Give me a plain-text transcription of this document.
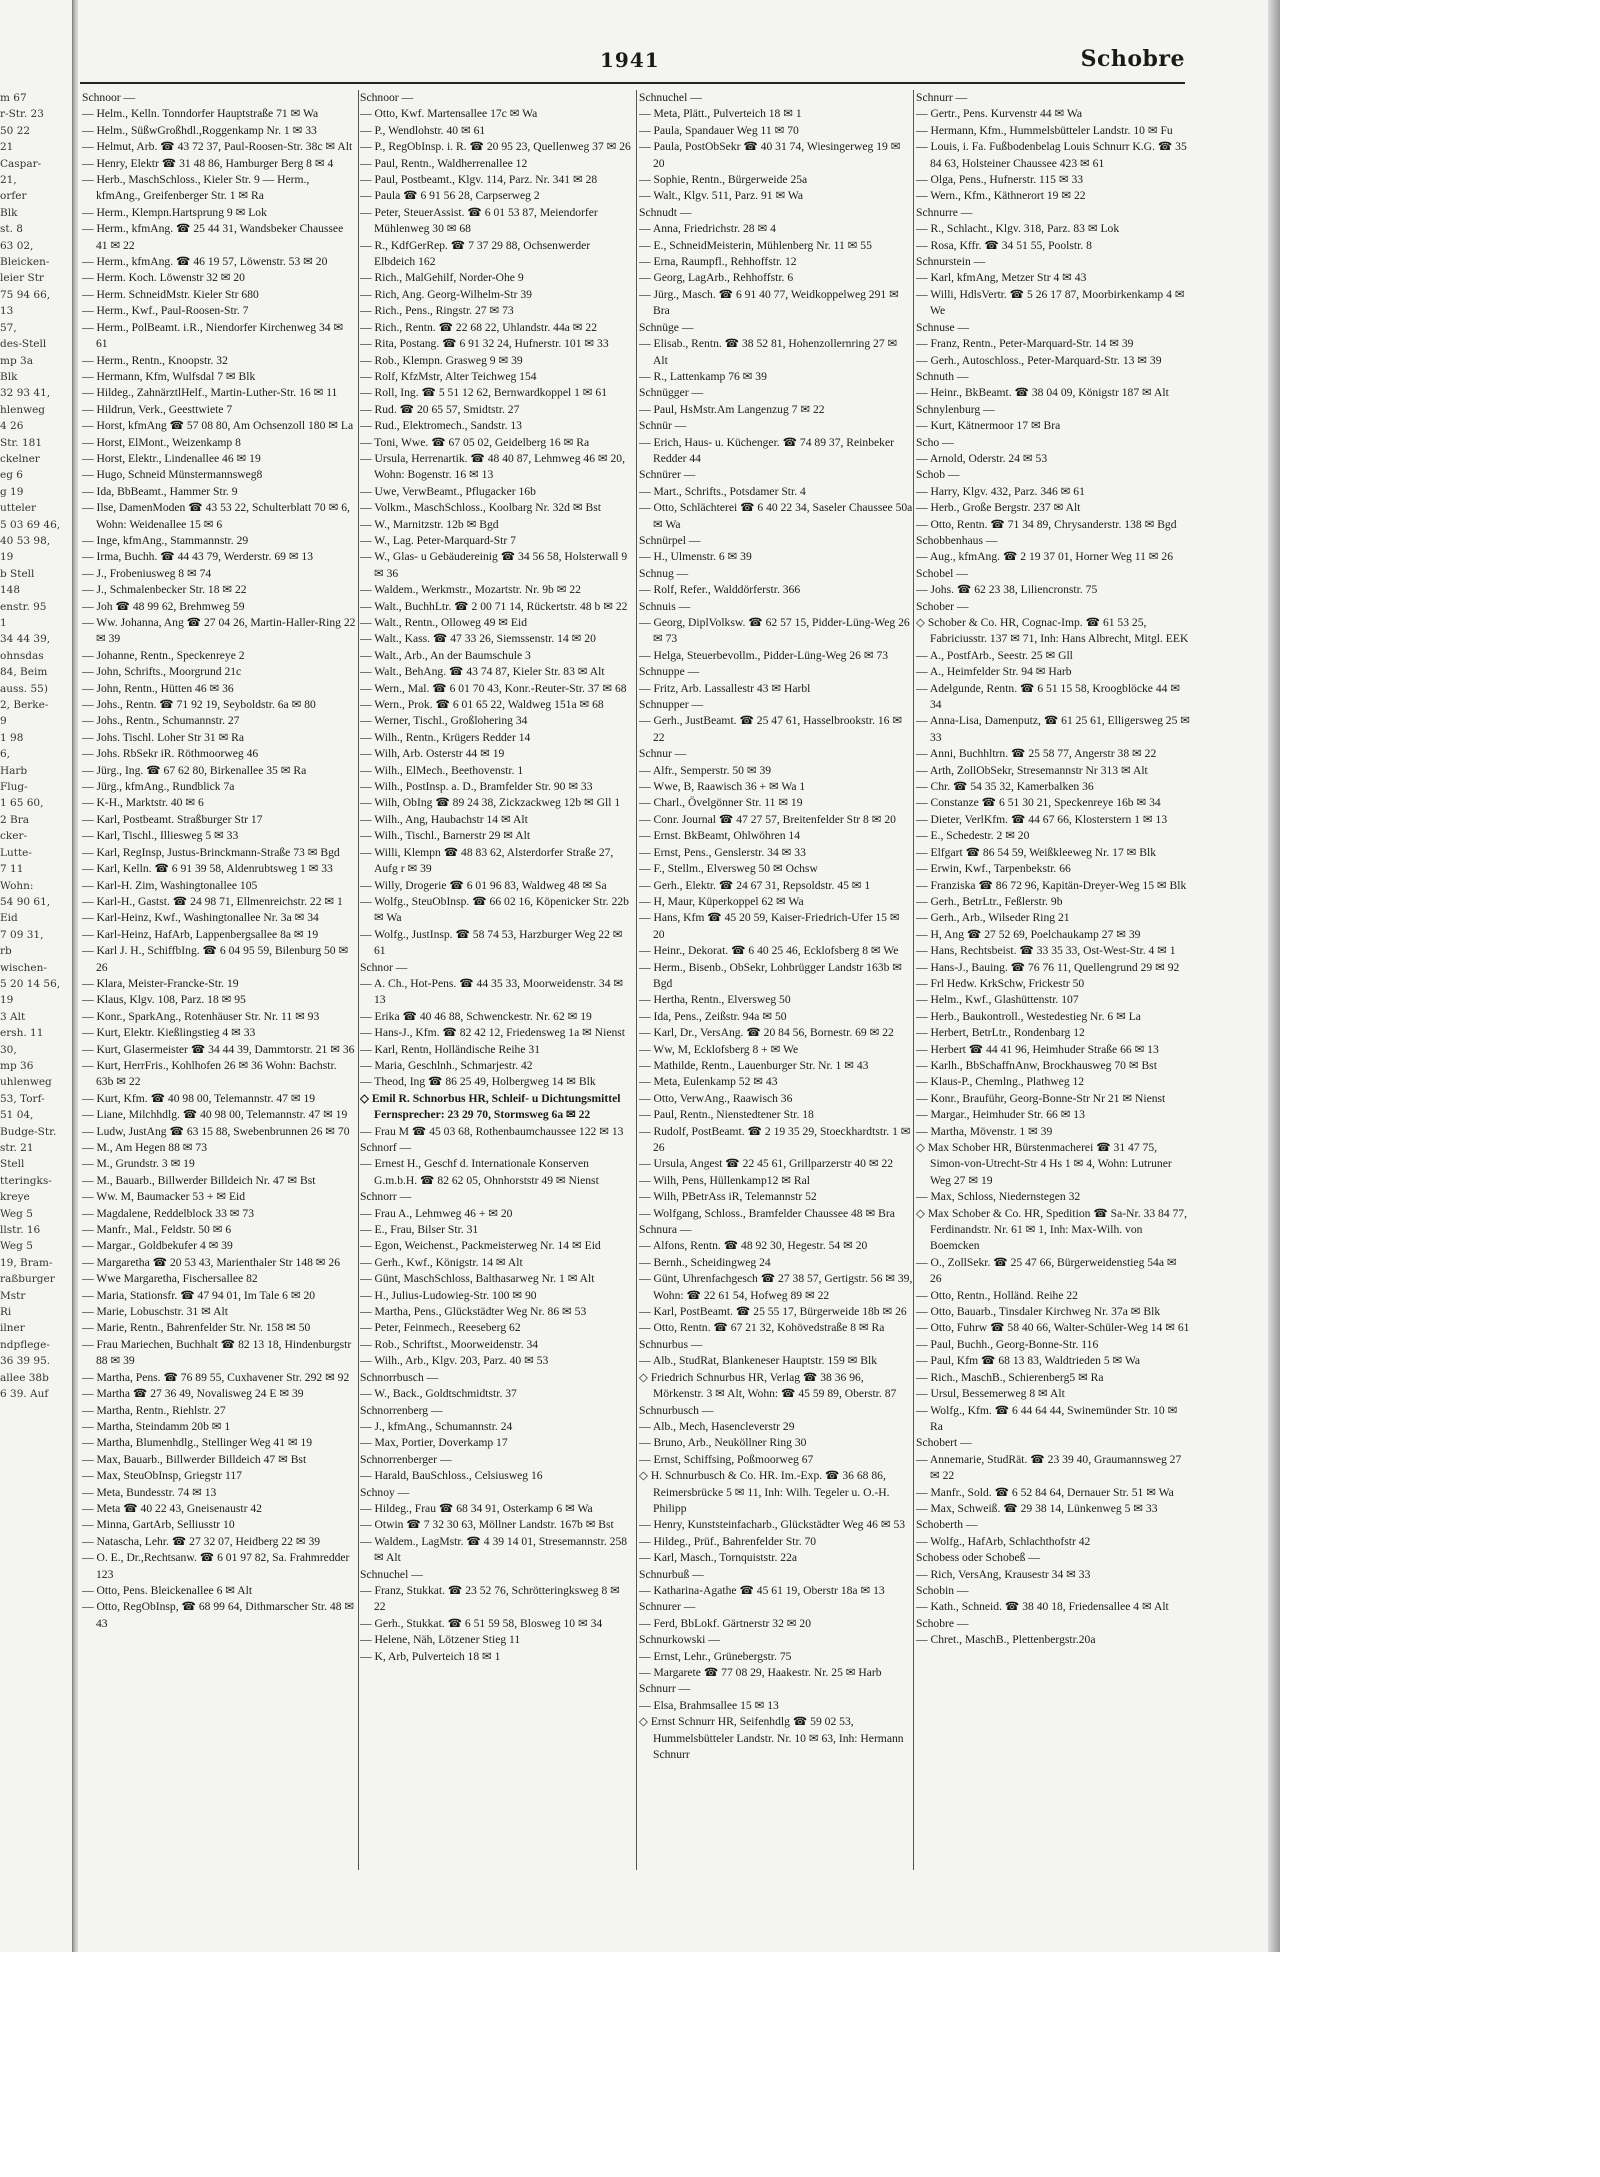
m 67
r-Str. 23
50 22
21
Caspar-
21,
orfer
Blk
st. 8
63 02,
Bleicken-
leier Str
75 94 66,
13
57,
des-Stell
mp 3a
Blk
32 93 41,
hlenweg
4 26
Str. 181
ckelner
eg 6
g 19
utteler
5 03 69 46,
40 53 98,
19
b Stell
148
enstr. 95
1
34 44 39,
ohnsdas
84, Beim
auss. 55)
2, Berke-
9
1 98
6,
Harb
Flug-
1 65 60,
2 Bra
cker-
Lutte-
7 11
Wohn:
54 90 61,
Eid
7 09 31,
rb
wischen-
5 20 14 56,
19
3 Alt
ersh. 11
30,
mp 36
uhlenweg
53, Torf-
51 04,
Budge-Str.
str. 21
Stell
tteringks-
kreye
Weg 5
llstr. 16
Weg 5
19, Bram-
raßburger
Mstr
Ri
ilner
ndpflege-
36 39 95.
allee 38b
6 39. Auf
1941	Schobre
Schnoor —
— Helm., Kelln. Tonndorfer Hauptstraße 71 ✉ Wa
— Helm., SüßwGroßhdl.,Roggenkamp Nr. 1 ✉ 33
— Helmut, Arb. ☎ 43 72 37, Paul-Roosen-Str. 38c ✉ Alt
— Henry, Elektr ☎ 31 48 86, Hamburger Berg 8 ✉ 4
— Herb., MaschSchloss., Kieler Str. 9 — Herm., kfmAng., Greifenberger Str. 1 ✉ Ra
— Herm., Klempn.Hartsprung 9 ✉ Lok
— Herm., kfmAng. ☎ 25 44 31, Wandsbeker Chaussee 41 ✉ 22
— Herm., kfmAng. ☎ 46 19 57, Löwenstr. 53 ✉ 20
— Herm. Koch. Löwenstr 32 ✉ 20
— Herm. SchneidMstr. Kieler Str 680
— Herm., Kwf., Paul-Roosen-Str. 7
— Herm., PolBeamt. i.R., Niendorfer Kirchenweg 34 ✉ 61
— Herm., Rentn., Knoopstr. 32
— Hermann, Kfm, Wulfsdal 7 ✉ Blk
— Hildeg., ZahnärztlHelf., Martin-Luther-Str. 16 ✉ 11
— Hildrun, Verk., Geesttwiete 7
— Horst, kfmAng ☎ 57 08 80, Am Ochsenzoll 180 ✉ La
— Horst, ElMont., Weizenkamp 8
— Horst, Elektr., Lindenallee 46 ✉ 19
— Hugo, Schneid Münstermannsweg8
— Ida, BbBeamt., Hammer Str. 9
— Ilse, DamenModen ☎ 43 53 22, Schulterblatt 70 ✉ 6, Wohn: Weidenallee 15 ✉ 6
— Inge, kfmAng., Stammannstr. 29
— Irma, Buchh. ☎ 44 43 79, Werderstr. 69 ✉ 13
— J., Frobeniusweg 8 ✉ 74
— J., Schmalenbecker Str. 18 ✉ 22
— Joh ☎ 48 99 62, Brehmweg 59
— Ww. Johanna, Ang ☎ 27 04 26, Martin-Haller-Ring 22 ✉ 39
— Johanne, Rentn., Speckenreye 2
— John, Schrifts., Moorgrund 21c
— John, Rentn., Hütten 46 ✉ 36
— Johs., Rentn. ☎ 71 92 19, Seyboldstr. 6a ✉ 80
— Johs., Rentn., Schumannstr. 27
— Johs. Tischl. Loher Str 31 ✉ Ra
— Johs. RbSekr iR. Röthmoorweg 46
— Jürg., Ing. ☎ 67 62 80, Birkenallee 35 ✉ Ra
— Jürg., kfmAng., Rundblick 7a
— K-H., Marktstr. 40 ✉ 6
— Karl, Postbeamt. Straßburger Str 17
— Karl, Tischl., Illiesweg 5 ✉ 33
— Karl, RegInsp, Justus-Brinckmann-Straße 73 ✉ Bgd
— Karl, Kelln. ☎ 6 91 39 58, Aldenrubtsweg 1 ✉ 33
— Karl-H. Zim, Washingtonallee 105
— Karl-H., Gastst. ☎ 24 98 71, Ellmenreichstr. 22 ✉ 1
— Karl-Heinz, Kwf., Washingtonallee Nr. 3a ✉ 34
— Karl-Heinz, HafArb, Lappenbergsallee 8a ✉ 19
— Karl J. H., SchiffbIng. ☎ 6 04 95 59, Bilenburg 50 ✉ 26
— Klara, Meister-Francke-Str. 19
— Klaus, Klgv. 108, Parz. 18 ✉ 95
— Konr., SparkAng., Rotenhäuser Str. Nr. 11 ✉ 93
— Kurt, Elektr. Kießlingstieg 4 ✉ 33
— Kurt, Glasermeister ☎ 34 44 39, Dammtorstr. 21 ✉ 36
— Kurt, HerrFris., Kohlhofen 26 ✉ 36 Wohn: Bachstr. 63b ✉ 22
— Kurt, Kfm. ☎ 40 98 00, Telemannstr. 47 ✉ 19
— Liane, Milchhdlg. ☎ 40 98 00, Telemannstr. 47 ✉ 19
— Ludw, JustAng ☎ 63 15 88, Swebenbrunnen 26 ✉ 70
— M., Am Hegen 88 ✉ 73
— M., Grundstr. 3 ✉ 19
— M., Bauarb., Billwerder Billdeich Nr. 47 ✉ Bst
— Ww. M, Baumacker 53 + ✉ Eid
— Magdalene, Reddelblock 33 ✉ 73
— Manfr., Mal., Feldstr. 50 ✉ 6
— Margar., Goldbekufer 4 ✉ 39
— Margaretha ☎ 20 53 43, Marienthaler Str 148 ✉ 26
— Wwe Margaretha, Fischersallee 82
— Maria, Stationsfr. ☎ 47 94 01, Im Tale 6 ✉ 20
— Marie, Lobuschstr. 31 ✉ Alt
— Marie, Rentn., Bahrenfelder Str. Nr. 158 ✉ 50
— Frau Mariechen, Buchhalt ☎ 82 13 18, Hindenburgstr 88 ✉ 39
— Martha, Pens. ☎ 76 89 55, Cuxhavener Str. 292 ✉ 92
— Martha ☎ 27 36 49, Novalisweg 24 E ✉ 39
— Martha, Rentn., Riehlstr. 27
— Martha, Steindamm 20b ✉ 1
— Martha, Blumenhdlg., Stellinger Weg 41 ✉ 19
— Max, Bauarb., Billwerder Billdeich 47 ✉ Bst
— Max, SteuObInsp, Griegstr 117
— Meta, Bundesstr. 74 ✉ 13
— Meta ☎ 40 22 43, Gneisenaustr 42
— Minna, GartArb, Selliusstr 10
— Natascha, Lehr. ☎ 27 32 07, Heidberg 22 ✉ 39
— O. E., Dr.,Rechtsanw. ☎ 6 01 97 82, Sa. Frahmredder 123
— Otto, Pens. Bleickenallee 6 ✉ Alt
— Otto, RegObInsp, ☎ 68 99 64, Dithmarscher Str. 48 ✉ 43
Schnoor —
— Otto, Kwf. Martensallee 17c ✉ Wa
— P., Wendlohstr. 40 ✉ 61
— P., RegObInsp. i. R. ☎ 20 95 23, Quellenweg 37 ✉ 26
— Paul, Rentn., Waldherrenallee 12
— Paul, Postbeamt., Klgv. 114, Parz. Nr. 341 ✉ 28
— Paula ☎ 6 91 56 28, Carpserweg 2
— Peter, SteuerAssist. ☎ 6 01 53 87, Meiendorfer Mühlenweg 30 ✉ 68
— R., KdfGerRep. ☎ 7 37 29 88, Ochsenwerder Elbdeich 162
— Rich., MalGehilf, Norder-Ohe 9
— Rich, Ang. Georg-Wilhelm-Str 39
— Rich., Pens., Ringstr. 27 ✉ 73
— Rich., Rentn. ☎ 22 68 22, Uhlandstr. 44a ✉ 22
— Rita, Postang. ☎ 6 91 32 24, Hufnerstr. 101 ✉ 33
— Rob., Klempn. Grasweg 9 ✉ 39
— Rolf, KfzMstr, Alter Teichweg 154
— Roll, Ing. ☎ 5 51 12 62, Bernwardkoppel 1 ✉ 61
— Rud. ☎ 20 65 57, Smidtstr. 27
— Rud., Elektromech., Sandstr. 13
— Toni, Wwe. ☎ 67 05 02, Geidelberg 16 ✉ Ra
— Ursula, Herrenartik. ☎ 48 40 87, Lehmweg 46 ✉ 20, Wohn: Bogenstr. 16 ✉ 13
— Uwe, VerwBeamt., Pflugacker 16b
— Volkm., MaschSchloss., Koolbarg Nr. 32d ✉ Bst
— W., Marnitzstr. 12b ✉ Bgd
— W., Lag. Peter-Marquard-Str 7
— W., Glas- u Gebäudereinig ☎ 34 56 58, Holsterwall 9 ✉ 36
— Waldem., Werkmstr., Mozartstr. Nr. 9b ✉ 22
— Walt., BuchhLtr. ☎ 2 00 71 14, Rückertstr. 48 b ✉ 22
— Walt., Rentn., Olloweg 49 ✉ Eid
— Walt., Kass. ☎ 47 33 26, Siemssenstr. 14 ✉ 20
— Walt., Arb., An der Baumschule 3
— Walt., BehAng. ☎ 43 74 87, Kieler Str. 83 ✉ Alt
— Wern., Mal. ☎ 6 01 70 43, Konr.-Reuter-Str. 37 ✉ 68
— Wern., Prok. ☎ 6 01 65 22, Waldweg 151a ✉ 68
— Werner, Tischl., Großlohering 34
— Wilh., Rentn., Krügers Redder 14
— Wilh, Arb. Osterstr 44 ✉ 19
— Wilh., ElMech., Beethovenstr. 1
— Wilh., PostInsp. a. D., Bramfelder Str. 90 ✉ 33
— Wilh, ObIng ☎ 89 24 38, Zickzackweg 12b ✉ Gll 1
— Wilh., Ang, Haubachstr 14 ✉ Alt
— Wilh., Tischl., Barnerstr 29 ✉ Alt
— Willi, Klempn ☎ 48 83 62, Alsterdorfer Straße 27, Aufg r ✉ 39
— Willy, Drogerie ☎ 6 01 96 83, Waldweg 48 ✉ Sa
— Wolfg., SteuObInsp. ☎ 66 02 16, Köpenicker Str. 22b ✉ Wa
— Wolfg., JustInsp. ☎ 58 74 53, Harzburger Weg 22 ✉ 61
Schnor —
— A. Ch., Hot-Pens. ☎ 44 35 33, Moorweidenstr. 34 ✉ 13
— Erika ☎ 40 46 88, Schwenckestr. Nr. 62 ✉ 19
— Hans-J., Kfm. ☎ 82 42 12, Friedensweg 1a ✉ Nienst
— Karl, Rentn, Holländische Reihe 31
— Maria, Geschlnh., Schmarjestr. 42
— Theod, Ing ☎ 86 25 49, Holbergweg 14 ✉ Blk
◇ Emil R. Schnorbus HR, Schleif- u Dichtungsmittel Fernsprecher: 23 29 70, Stormsweg 6a ✉ 22
— Frau M ☎ 45 03 68, Rothenbaumchaussee 122 ✉ 13
Schnorf —
— Ernest H., Geschf d. Internationale Konserven G.m.b.H. ☎ 82 62 05, Ohnhorststr 49 ✉ Nienst
Schnorr —
— Frau A., Lehmweg 46 + ✉ 20
— E., Frau, Bilser Str. 31
— Egon, Weichenst., Packmeisterweg Nr. 14 ✉ Eid
— Gerh., Kwf., Königstr. 14 ✉ Alt
— Günt, MaschSchloss, Balthasarweg Nr. 1 ✉ Alt
— H., Julius-Ludowieg-Str. 100 ✉ 90
— Martha, Pens., Glückstädter Weg Nr. 86 ✉ 53
— Peter, Feinmech., Reeseberg 62
— Rob., Schriftst., Moorweidenstr. 34
— Wilh., Arb., Klgv. 203, Parz. 40 ✉ 53
Schnorrbusch —
— W., Back., Goldtschmidtstr. 37
Schnorrenberg —
— J., kfmAng., Schumannstr. 24
— Max, Portier, Doverkamp 17
Schnorrenberger —
— Harald, BauSchloss., Celsiusweg 16
Schnoy —
— Hildeg., Frau ☎ 68 34 91, Osterkamp 6 ✉ Wa
— Otwin ☎ 7 32 30 63, Möllner Landstr. 167b ✉ Bst
— Waldem., LagMstr. ☎ 4 39 14 01, Stresemannstr. 258 ✉ Alt
Schnuchel —
— Franz, Stukkat. ☎ 23 52 76, Schrötteringksweg 8 ✉ 22
— Gerh., Stukkat. ☎ 6 51 59 58, Blosweg 10 ✉ 34
— Helene, Näh, Lötzener Stieg 11
— K, Arb, Pulverteich 18 ✉ 1
Schnuchel —
— Meta, Plätt., Pulverteich 18 ✉ 1
— Paula, Spandauer Weg 11 ✉ 70
— Paula, PostObSekr ☎ 40 31 74, Wiesingerweg 19 ✉ 20
— Sophie, Rentn., Bürgerweide 25a
— Walt., Klgv. 511, Parz. 91 ✉ Wa
Schnudt —
— Anna, Friedrichstr. 28 ✉ 4
— E., SchneidMeisterin, Mühlenberg Nr. 11 ✉ 55
— Erna, Raumpfl., Rehhoffstr. 12
— Georg, LagArb., Rehhoffstr. 6
— Jürg., Masch. ☎ 6 91 40 77, Weidkoppelweg 291 ✉ Bra
Schnüge —
— Elisab., Rentn. ☎ 38 52 81, Hohenzollernring 27 ✉ Alt
— R., Lattenkamp 76 ✉ 39
Schnügger —
— Paul, HsMstr.Am Langenzug 7 ✉ 22
Schnür —
— Erich, Haus- u. Küchenger. ☎ 74 89 37, Reinbeker Redder 44
Schnürer —
— Mart., Schrifts., Potsdamer Str. 4
— Otto, Schlächterei ☎ 6 40 22 34, Saseler Chaussee 50a ✉ Wa
Schnürpel —
— H., Ulmenstr. 6 ✉ 39
Schnug —
— Rolf, Refer., Walddörferstr. 366
Schnuis —
— Georg, DiplVolksw. ☎ 62 57 15, Pidder-Lüng-Weg 26 ✉ 73
— Helga, Steuerbevollm., Pidder-Lüng-Weg 26 ✉ 73
Schnuppe —
— Fritz, Arb. Lassallestr 43 ✉ Harbl
Schnupper —
— Gerh., JustBeamt. ☎ 25 47 61, Hasselbrookstr. 16 ✉ 22
Schnur —
— Alfr., Semperstr. 50 ✉ 39
— Wwe, B, Raawisch 36 + ✉ Wa 1
— Charl., Övelgönner Str. 11 ✉ 19
— Conr. Journal ☎ 47 27 57, Breitenfelder Str 8 ✉ 20
— Ernst. BkBeamt, Ohlwöhren 14
— Ernst, Pens., Genslerstr. 34 ✉ 33
— F., Stellm., Elversweg 50 ✉ Ochsw
— Gerh., Elektr. ☎ 24 67 31, Repsoldstr. 45 ✉ 1
— H, Maur, Küperkoppel 62 ✉ Wa
— Hans, Kfm ☎ 45 20 59, Kaiser-Friedrich-Ufer 15 ✉ 20
— Heinr., Dekorat. ☎ 6 40 25 46, Ecklofsberg 8 ✉ We
— Herm., Bisenb., ObSekr, Lohbrügger Landstr 163b ✉ Bgd
— Hertha, Rentn., Elversweg 50
— Ida, Pens., Zeißstr. 94a ✉ 50
— Karl, Dr., VersAng. ☎ 20 84 56, Bornestr. 69 ✉ 22
— Ww, M, Ecklofsberg 8 + ✉ We
— Mathilde, Rentn., Lauenburger Str. Nr. 1 ✉ 43
— Meta, Eulenkamp 52 ✉ 43
— Otto, VerwAng., Raawisch 36
— Paul, Rentn., Nienstedtener Str. 18
— Rudolf, PostBeamt. ☎ 2 19 35 29, Stoeckhardtstr. 1 ✉ 26
— Ursula, Angest ☎ 22 45 61, Grillparzerstr 40 ✉ 22
— Wilh, Pens, Hüllenkamp12 ✉ Ral
— Wilh, PBetrAss iR, Telemannstr 52
— Wolfgang, Schloss., Bramfelder Chaussee 48 ✉ Bra
Schnura —
— Alfons, Rentn. ☎ 48 92 30, Hegestr. 54 ✉ 20
— Bernh., Scheidingweg 24
— Günt, Uhrenfachgesch ☎ 27 38 57, Gertigstr. 56 ✉ 39, Wohn: ☎ 22 61 54, Hofweg 89 ✉ 22
— Karl, PostBeamt. ☎ 25 55 17, Bürgerweide 18b ✉ 26
— Otto, Rentn. ☎ 67 21 32, Kohövedstraße 8 ✉ Ra
Schnurbus —
— Alb., StudRat, Blankeneser Hauptstr. 159 ✉ Blk
◇ Friedrich Schnurbus HR, Verlag ☎ 38 36 96, Mörkenstr. 3 ✉ Alt, Wohn: ☎ 45 59 89, Oberstr. 87
Schnurbusch —
— Alb., Mech, Hasencleverstr 29
— Bruno, Arb., Neuköllner Ring 30
— Ernst, Schiffsing, Poßmoorweg 67
◇ H. Schnurbusch & Co. HR. Im.-Exp. ☎ 36 68 86, Reimersbrücke 5 ✉ 11, Inh: Wilh. Tegeler u. O.-H. Philipp
— Henry, Kunststeinfacharb., Glückstädter Weg 46 ✉ 53
— Hildeg., Prüf., Bahrenfelder Str. 70
— Karl, Masch., Tornquiststr. 22a
Schnurbuß —
— Katharina-Agathe ☎ 45 61 19, Oberstr 18a ✉ 13
Schnurer —
— Ferd, BbLokf. Gärtnerstr 32 ✉ 20
Schnurkowski —
— Ernst, Lehr., Grünebergstr. 75
— Margarete ☎ 77 08 29, Haakestr. Nr. 25 ✉ Harb
Schnurr —
— Elsa, Brahmsallee 15 ✉ 13
◇ Ernst Schnurr HR, Seifenhdlg ☎ 59 02 53, Hummelsbütteler Landstr. Nr. 10 ✉ 63, Inh: Hermann Schnurr
Schnurr —
— Gertr., Pens. Kurvenstr 44 ✉ Wa
— Hermann, Kfm., Hummelsbütteler Landstr. 10 ✉ Fu
— Louis, i. Fa. Fußbodenbelag Louis Schnurr K.G. ☎ 35 84 63, Holsteiner Chaussee 423 ✉ 61
— Olga, Pens., Hufnerstr. 115 ✉ 33
— Wern., Kfm., Käthnerort 19 ✉ 22
Schnurre —
— R., Schlacht., Klgv. 318, Parz. 83 ✉ Lok
— Rosa, Kffr. ☎ 34 51 55, Poolstr. 8
Schnurstein —
— Karl, kfmAng, Metzer Str 4 ✉ 43
— Willi, HdlsVertr. ☎ 5 26 17 87, Moorbirkenkamp 4 ✉ We
Schnuse —
— Franz, Rentn., Peter-Marquard-Str. 14 ✉ 39
— Gerh., Autoschloss., Peter-Marquard-Str. 13 ✉ 39
Schnuth —
— Heinr., BkBeamt. ☎ 38 04 09, Königstr 187 ✉ Alt
Schnylenburg —
— Kurt, Kätnermoor 17 ✉ Bra
Scho —
— Arnold, Oderstr. 24 ✉ 53
Schob —
— Harry, Klgv. 432, Parz. 346 ✉ 61
— Herb., Große Bergstr. 237 ✉ Alt
— Otto, Rentn. ☎ 71 34 89, Chrysanderstr. 138 ✉ Bgd
Schobbenhaus —
— Aug., kfmAng. ☎ 2 19 37 01, Horner Weg 11 ✉ 26
Schobel —
— Johs. ☎ 62 23 38, Liliencronstr. 75
Schober —
◇ Schober & Co. HR, Cognac-Imp. ☎ 61 53 25, Fabriciusstr. 137 ✉ 71, Inh: Hans Albrecht, Mitgl. EEK
— A., PostfArb., Seestr. 25 ✉ Gll
— A., Heimfelder Str. 94 ✉ Harb
— Adelgunde, Rentn. ☎ 6 51 15 58, Kroogblöcke 44 ✉ 34
— Anna-Lisa, Damenputz, ☎ 61 25 61, Elligersweg 25 ✉ 33
— Anni, Buchhltrn. ☎ 25 58 77, Angerstr 38 ✉ 22
— Arth, ZollObSekr, Stresemannstr Nr 313 ✉ Alt
— Chr. ☎ 54 35 32, Kamerbalken 36
— Constanze ☎ 6 51 30 21, Speckenreye 16b ✉ 34
— Dieter, VerlKfm. ☎ 44 67 66, Klosterstern 1 ✉ 13
— E., Schedestr. 2 ✉ 20
— Elfgart ☎ 86 54 59, Weißkleeweg Nr. 17 ✉ Blk
— Erwin, Kwf., Tarpenbekstr. 66
— Franziska ☎ 86 72 96, Kapitän-Dreyer-Weg 15 ✉ Blk
— Gerh., BetrLtr., Feßlerstr. 9b
— Gerh., Arb., Wilseder Ring 21
— H, Ang ☎ 27 52 69, Poelchaukamp 27 ✉ 39
— Hans, Rechtsbeist. ☎ 33 35 33, Ost-West-Str. 4 ✉ 1
— Hans-J., Bauing. ☎ 76 76 11, Quellengrund 29 ✉ 92
— Frl Hedw. KrkSchw, Frickestr 50
— Helm., Kwf., Glashüttenstr. 107
— Herb., Baukontroll., Westedestieg Nr. 6 ✉ La
— Herbert, BetrLtr., Rondenbarg 12
— Herbert ☎ 44 41 96, Heimhuder Straße 66 ✉ 13
— Karlh., BbSchaffnAnw, Brockhausweg 70 ✉ Bst
— Klaus-P., Chemlng., Plathweg 12
— Konr., Brauführ, Georg-Bonne-Str Nr 21 ✉ Nienst
— Margar., Heimhuder Str. 66 ✉ 13
— Martha, Mövenstr. 1 ✉ 39
◇ Max Schober HR, Bürstenmacherei ☎ 31 47 75, Simon-von-Utrecht-Str 4 Hs 1 ✉ 4, Wohn: Lutruner Weg 27 ✉ 19
— Max, Schloss, Niedernstegen 32
◇ Max Schober & Co. HR, Spedition ☎ Sa-Nr. 33 84 77, Ferdinandstr. Nr. 61 ✉ 1, Inh: Max-Wilh. von Boemcken
— O., ZollSekr. ☎ 25 47 66, Bürgerweidenstieg 54a ✉ 26
— Otto, Rentn., Holländ. Reihe 22
— Otto, Bauarb., Tinsdaler Kirchweg Nr. 37a ✉ Blk
— Otto, Fuhrw ☎ 58 40 66, Walter-Schüler-Weg 14 ✉ 61
— Paul, Buchh., Georg-Bonne-Str. 116
— Paul, Kfm ☎ 68 13 83, Waldtrieden 5 ✉ Wa
— Rich., MaschB., Schierenberg5 ✉ Ra
— Ursul, Bessemerweg 8 ✉ Alt
— Wolfg., Kfm. ☎ 6 44 64 44, Swinemünder Str. 10 ✉ Ra
Schobert —
— Annemarie, StudRät. ☎ 23 39 40, Graumannsweg 27 ✉ 22
— Manfr., Sold. ☎ 6 52 84 64, Dernauer Str. 51 ✉ Wa
— Max, Schweiß. ☎ 29 38 14, Lünkenweg 5 ✉ 33
Schoberth —
— Wolfg., HafArb, Schlachthofstr 42
Schobess oder Schobeß —
— Rich, VersAng, Krausestr 34 ✉ 33
Schobin —
— Kath., Schneid. ☎ 38 40 18, Friedensallee 4 ✉ Alt
Schobre —
— Chret., MaschB., Plettenbergstr.20a
